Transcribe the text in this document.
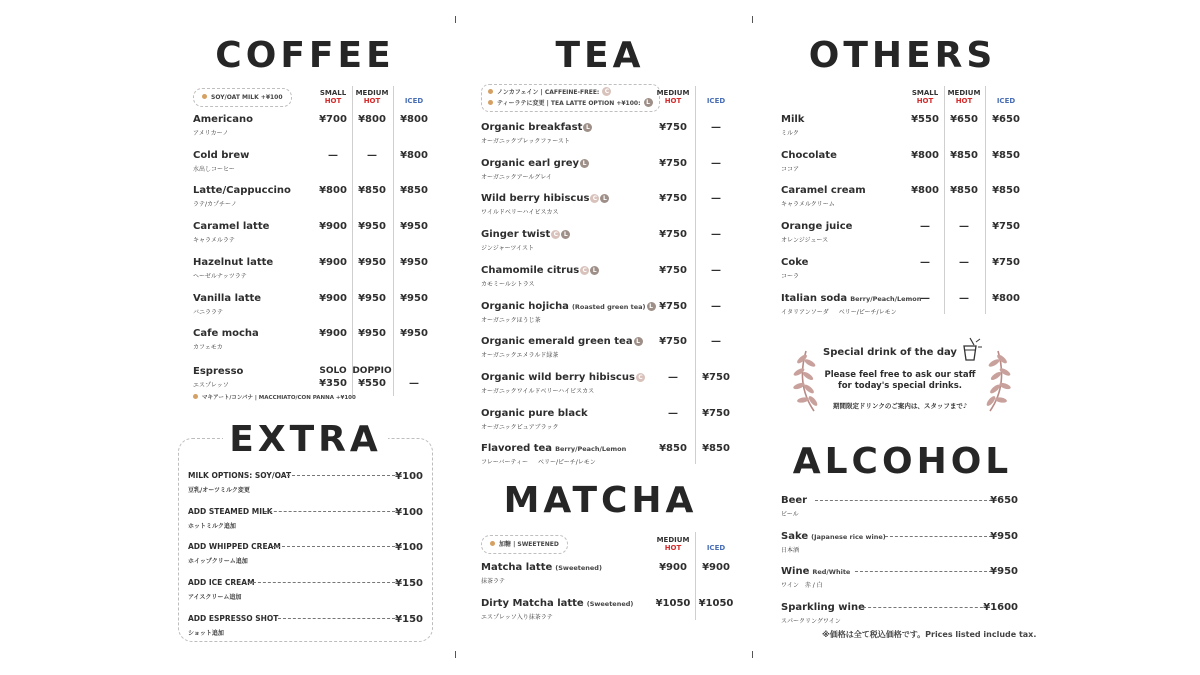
COFFEE
SOY/OAT MILK +¥100
SMALL
HOT
MEDIUM
HOT	ICED
Americano
アメリカーノ
¥700	¥800	¥800
Cold brew
水出しコーヒー
—	—	¥800
Latte/Cappuccino
ラテ/カプチーノ
¥800	¥850	¥850
Caramel latte
キャラメルラテ
¥900	¥950	¥950
Hazelnut latte
ヘーゼルナッツラテ
¥900	¥950	¥950
Vanilla latte
バニララテ
¥900	¥950	¥950
Cafe mocha
カフェモカ
¥900	¥950	¥950
Espresso
エスプレッソ
SOLO DOPPIO
¥350	¥550	—
マキアート/コンパナ | MACCHIATO/CON PANNA +¥100
EXTRA
MILK OPTIONS: SOY/OAT
豆乳/オーツミルク変更
¥100
ADD STEAMED MILK
ホットミルク追加
¥100
ADD WHIPPED CREAM
ホイップクリーム追加
¥100
ADD ICE CREAM
アイスクリーム追加
¥150
ADD ESPRESSO SHOT
ショット追加
¥150
TEA
ノンカフェイン | CAFFEINE-FREE: C
ティーラテに変更 | TEA LATTE OPTION +¥100: L
MEDIUM
HOT	ICED
Organic breakfast L
オーガニックブレックファースト
¥750	—
Organic earl grey L
オーガニックアールグレイ
¥750	—
Wild berry hibiscus C L
ワイルドベリーハイビスカス
¥750	—
Ginger twist C L
ジンジャーツイスト
¥750	—
Chamomile citrus C L
カモミールシトラス
¥750	—
Organic hojicha (Roasted green tea) L
オーガニックほうじ茶
¥750	—
Organic emerald green tea L
オーガニックエメラルド緑茶
¥750	—
Organic wild berry hibiscus C
オーガニックワイルドベリーハイビスカス
—	¥750
Organic pure black
オーガニックピュアブラック
—	¥750
Flavored tea Berry/Peach/Lemon
フレーバーティー ベリー/ピーチ/レモン
¥850	¥850
MATCHA
加糖 | SWEETENED
MEDIUM
HOT	ICED
Matcha latte (Sweetened)
抹茶ラテ
¥900	¥900
Dirty Matcha latte (Sweetened)
エスプレッソ入り抹茶ラテ
¥1050 ¥1050
OTHERS
SMALL
HOT
MEDIUM
HOT	ICED
Milk
ミルク
¥550	¥650	¥650
Chocolate
ココア
¥800	¥850	¥850
Caramel cream
キャラメルクリーム
¥800	¥850	¥850
Orange juice
オレンジジュース
—	—	¥750
Coke
コーラ
—	—	¥750
Italian soda Berry/Peach/Lemon
イタリアンソーダ ベリー/ピーチ/レモン
—	—	¥800
Special drink of the day
Please feel free to ask our staff
for today's special drinks.
期間限定ドリンクのご案内は、スタッフまで♪
ALCOHOL
Beer
ビール
¥650
Sake (Japanese rice wine)
日本酒
¥950
Wine Red/White
ワイン　赤 / 白
¥950
Sparkling wine
スパークリングワイン
¥1600
※価格は全て税込価格です。Prices listed include tax.
